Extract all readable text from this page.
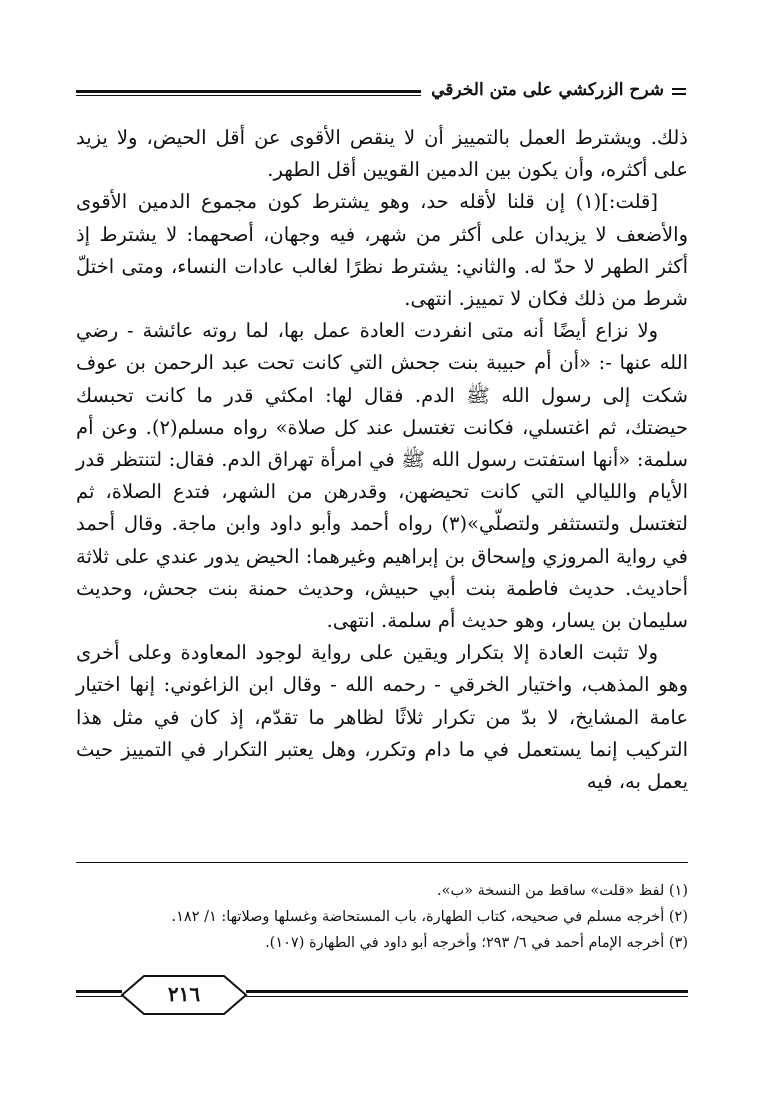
شرح الزركشي على متن الخرقي

ذلك. ويشترط العمل بالتمييز أن لا ينقص الأقوى عن أقل الحيض، ولا يزيد على أكثره، وأن يكون بين الدمين القويين أقل الطهر.

[قلت:](١) إن قلنا لأقله حد، وهو يشترط كون مجموع الدمين الأقوى والأضعف لا يزيدان على أكثر من شهر، فيه وجهان، أصحهما: لا يشترط إذ أكثر الطهر لا حدّ له. والثاني: يشترط نظرًا لغالب عادات النساء، ومتى اختلّ شرط من ذلك فكان لا تمييز. انتهى.

ولا نزاع أيضًا أنه متى انفردت العادة عمل بها، لما روته عائشة - رضي الله عنها -: «أن أم حبيبة بنت جحش التي كانت تحت عبد الرحمن بن عوف شكت إلى رسول الله ﷺ الدم. فقال لها: امكثي قدر ما كانت تحبسك حيضتك، ثم اغتسلي، فكانت تغتسل عند كل صلاة» رواه مسلم(٢). وعن أم سلمة: «أنها استفتت رسول الله ﷺ في امرأة تهراق الدم. فقال: لتنتظر قدر الأيام والليالي التي كانت تحيضهن، وقدرهن من الشهر، فتدع الصلاة، ثم لتغتسل ولتستثفر ولتصلّي»(٣) رواه أحمد وأبو داود وابن ماجة. وقال أحمد في رواية المروزي وإسحاق بن إبراهيم وغيرهما: الحيض يدور عندي على ثلاثة أحاديث. حديث فاطمة بنت أبي حبيش، وحديث حمنة بنت جحش، وحديث سليمان بن يسار، وهو حديث أم سلمة. انتهى.

ولا تثبت العادة إلا بتكرار ويقين على رواية لوجود المعاودة وعلى أخرى وهو المذهب، واختيار الخرقي - رحمه الله - وقال ابن الزاغوني: إنها اختيار عامة المشايخ، لا بدّ من تكرار ثلاثًا لظاهر ما تقدّم، إذ كان في مثل هذا التركيب إنما يستعمل في ما دام وتكرر، وهل يعتبر التكرار في التمييز حيث يعمل به، فيه

(١) لفظ «قلت» ساقط من النسخة «ب».
(٢) أخرجه مسلم في صحيحه، كتاب الطهارة، باب المستحاضة وغسلها وصلاتها: ١/ ١٨٢.
(٣) أخرجه الإمام أحمد في ٦/ ٢٩٣؛ وأخرجه أبو داود في الطهارة (١٠٧).
٢١٦
